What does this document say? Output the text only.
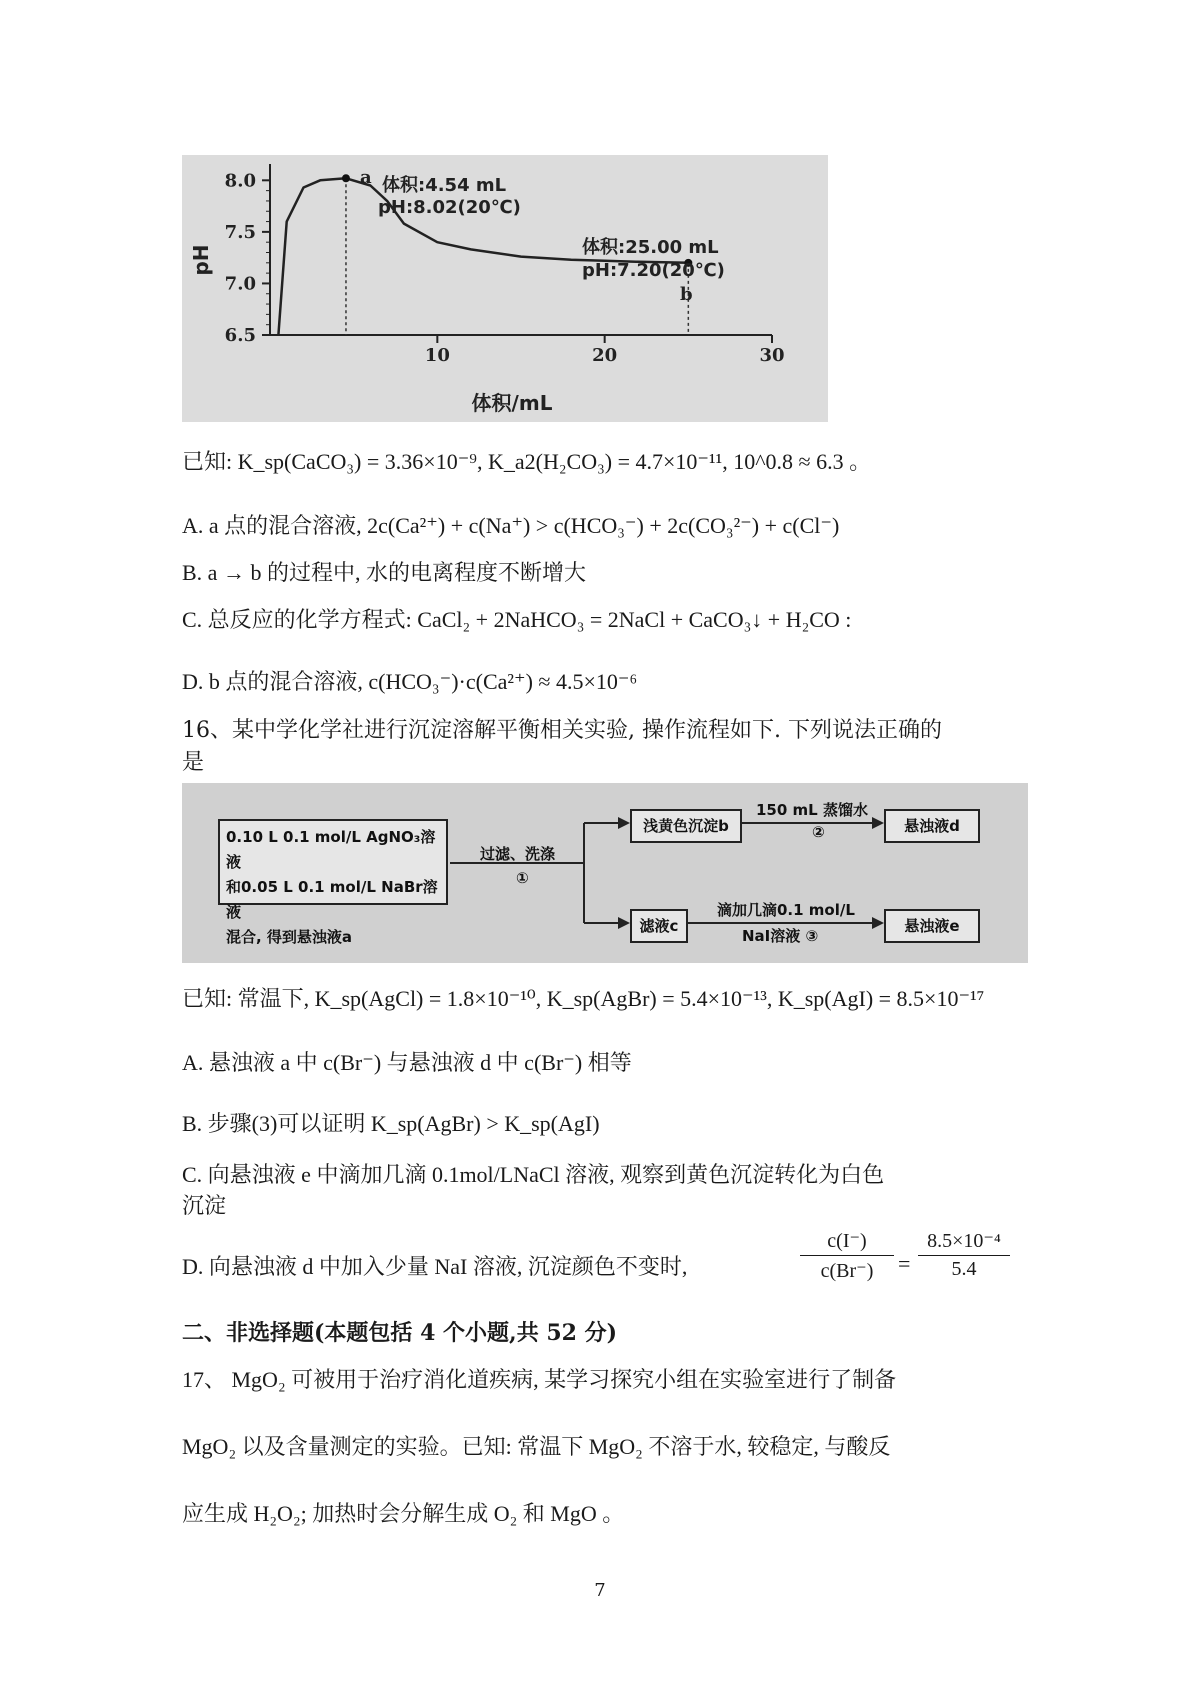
8.0
7.5
7.0
6.5
10	20	30
pH
体积/mL
a 体积:4.54 mL
pH:8.02(20℃)
体积:25.00 mL
pH:7.20(20℃)
b
已知: K_sp(CaCO₃) = 3.36×10⁻⁹, K_a2(H₂CO₃) = 4.7×10⁻¹¹, 10^0.8 ≈ 6.3 。
A. a 点的混合溶液, 2c(Ca²⁺) + c(Na⁺) > c(HCO₃⁻) + 2c(CO₃²⁻) + c(Cl⁻)
B. a → b 的过程中, 水的电离程度不断增大
C. 总反应的化学方程式: CaCl₂ + 2NaHCO₃ = 2NaCl + CaCO₃↓ + H₂CO :
D. b 点的混合溶液, c(HCO₃⁻)·c(Ca²⁺) ≈ 4.5×10⁻⁶
16、某中学化学社进行沉淀溶解平衡相关实验, 操作流程如下. 下列说法正确的
是
0.10 L 0.1 mol/L AgNO₃溶液
和0.05 L 0.1 mol/L NaBr溶液
混合, 得到悬浊液a
过滤、洗涤
①
浅黄色沉淀b
150 mL 蒸馏水
②	悬浊液d
滤液c
滴加几滴0.1 mol/L
NaI溶液 ③
悬浊液e
已知: 常温下, K_sp(AgCl) = 1.8×10⁻¹⁰, K_sp(AgBr) = 5.4×10⁻¹³, K_sp(AgI) = 8.5×10⁻¹⁷
A. 悬浊液 a 中 c(Br⁻) 与悬浊液 d 中 c(Br⁻) 相等
B. 步骤(3)可以证明 K_sp(AgBr) > K_sp(AgI)
C. 向悬浊液 e 中滴加几滴 0.1mol/LNaCl 溶液, 观察到黄色沉淀转化为白色
沉淀
D. 向悬浊液 d 中加入少量 NaI 溶液, 沉淀颜色不变时,	$\frac{c(I^-)}{c(Br^-)} = \frac{\text{8.5×10⁻⁴}}{5.4}$
二、非选择题(本题包括 4 个小题,共 52 分)
17、 MgO₂ 可被用于治疗消化道疾病, 某学习探究小组在实验室进行了制备
MgO₂ 以及含量测定的实验。已知: 常温下 MgO₂ 不溶于水, 较稳定, 与酸反
应生成 H₂O₂; 加热时会分解生成 O₂ 和 MgO 。
7
